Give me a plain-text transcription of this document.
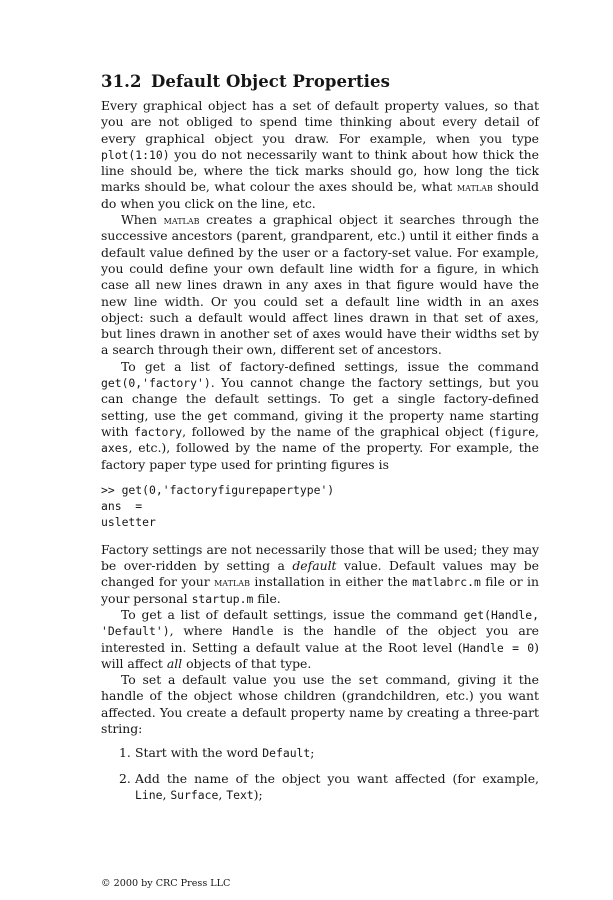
31.2 Default Object Properties

Every graphical object has a set of default property values, so that you are not obliged to spend time thinking about every detail of every graphical object you draw. For example, when you type plot(1:10) you do not necessarily want to think about how thick the line should be, where the tick marks should go, how long the tick marks should be, what colour the axes should be, what matlab should do when you click on the line, etc.

When matlab creates a graphical object it searches through the successive ancestors (parent, grandparent, etc.) until it either finds a default value defined by the user or a factory-set value. For example, you could define your own default line width for a figure, in which case all new lines drawn in any axes in that figure would have the new line width. Or you could set a default line width in an axes object: such a default would affect lines drawn in that set of axes, but lines drawn in another set of axes would have their widths set by a search through their own, different set of ancestors.

To get a list of factory-defined settings, issue the command get(0,'factory'). You cannot change the factory settings, but you can change the default settings. To get a single factory-defined setting, use the get command, giving it the property name starting with factory, followed by the name of the graphical object (figure, axes, etc.), followed by the name of the property. For example, the factory paper type used for printing figures is

>> get(0,'factoryfigurepapertype')
ans  =
usletter

Factory settings are not necessarily those that will be used; they may be over-ridden by setting a default value. Default values may be changed for your matlab installation in either the matlabrc.m file or in your personal startup.m file.

To get a list of default settings, issue the command get(Handle, 'Default'), where Handle is the handle of the object you are interested in. Setting a default value at the Root level (Handle = 0) will affect all objects of that type.

To set a default value you use the set command, giving it the handle of the object whose children (grandchildren, etc.) you want affected. You create a default property name by creating a three-part string:

1. Start with the word Default;
2. Add the name of the object you want affected (for example, Line, Surface, Text);
© 2000 by CRC Press LLC
